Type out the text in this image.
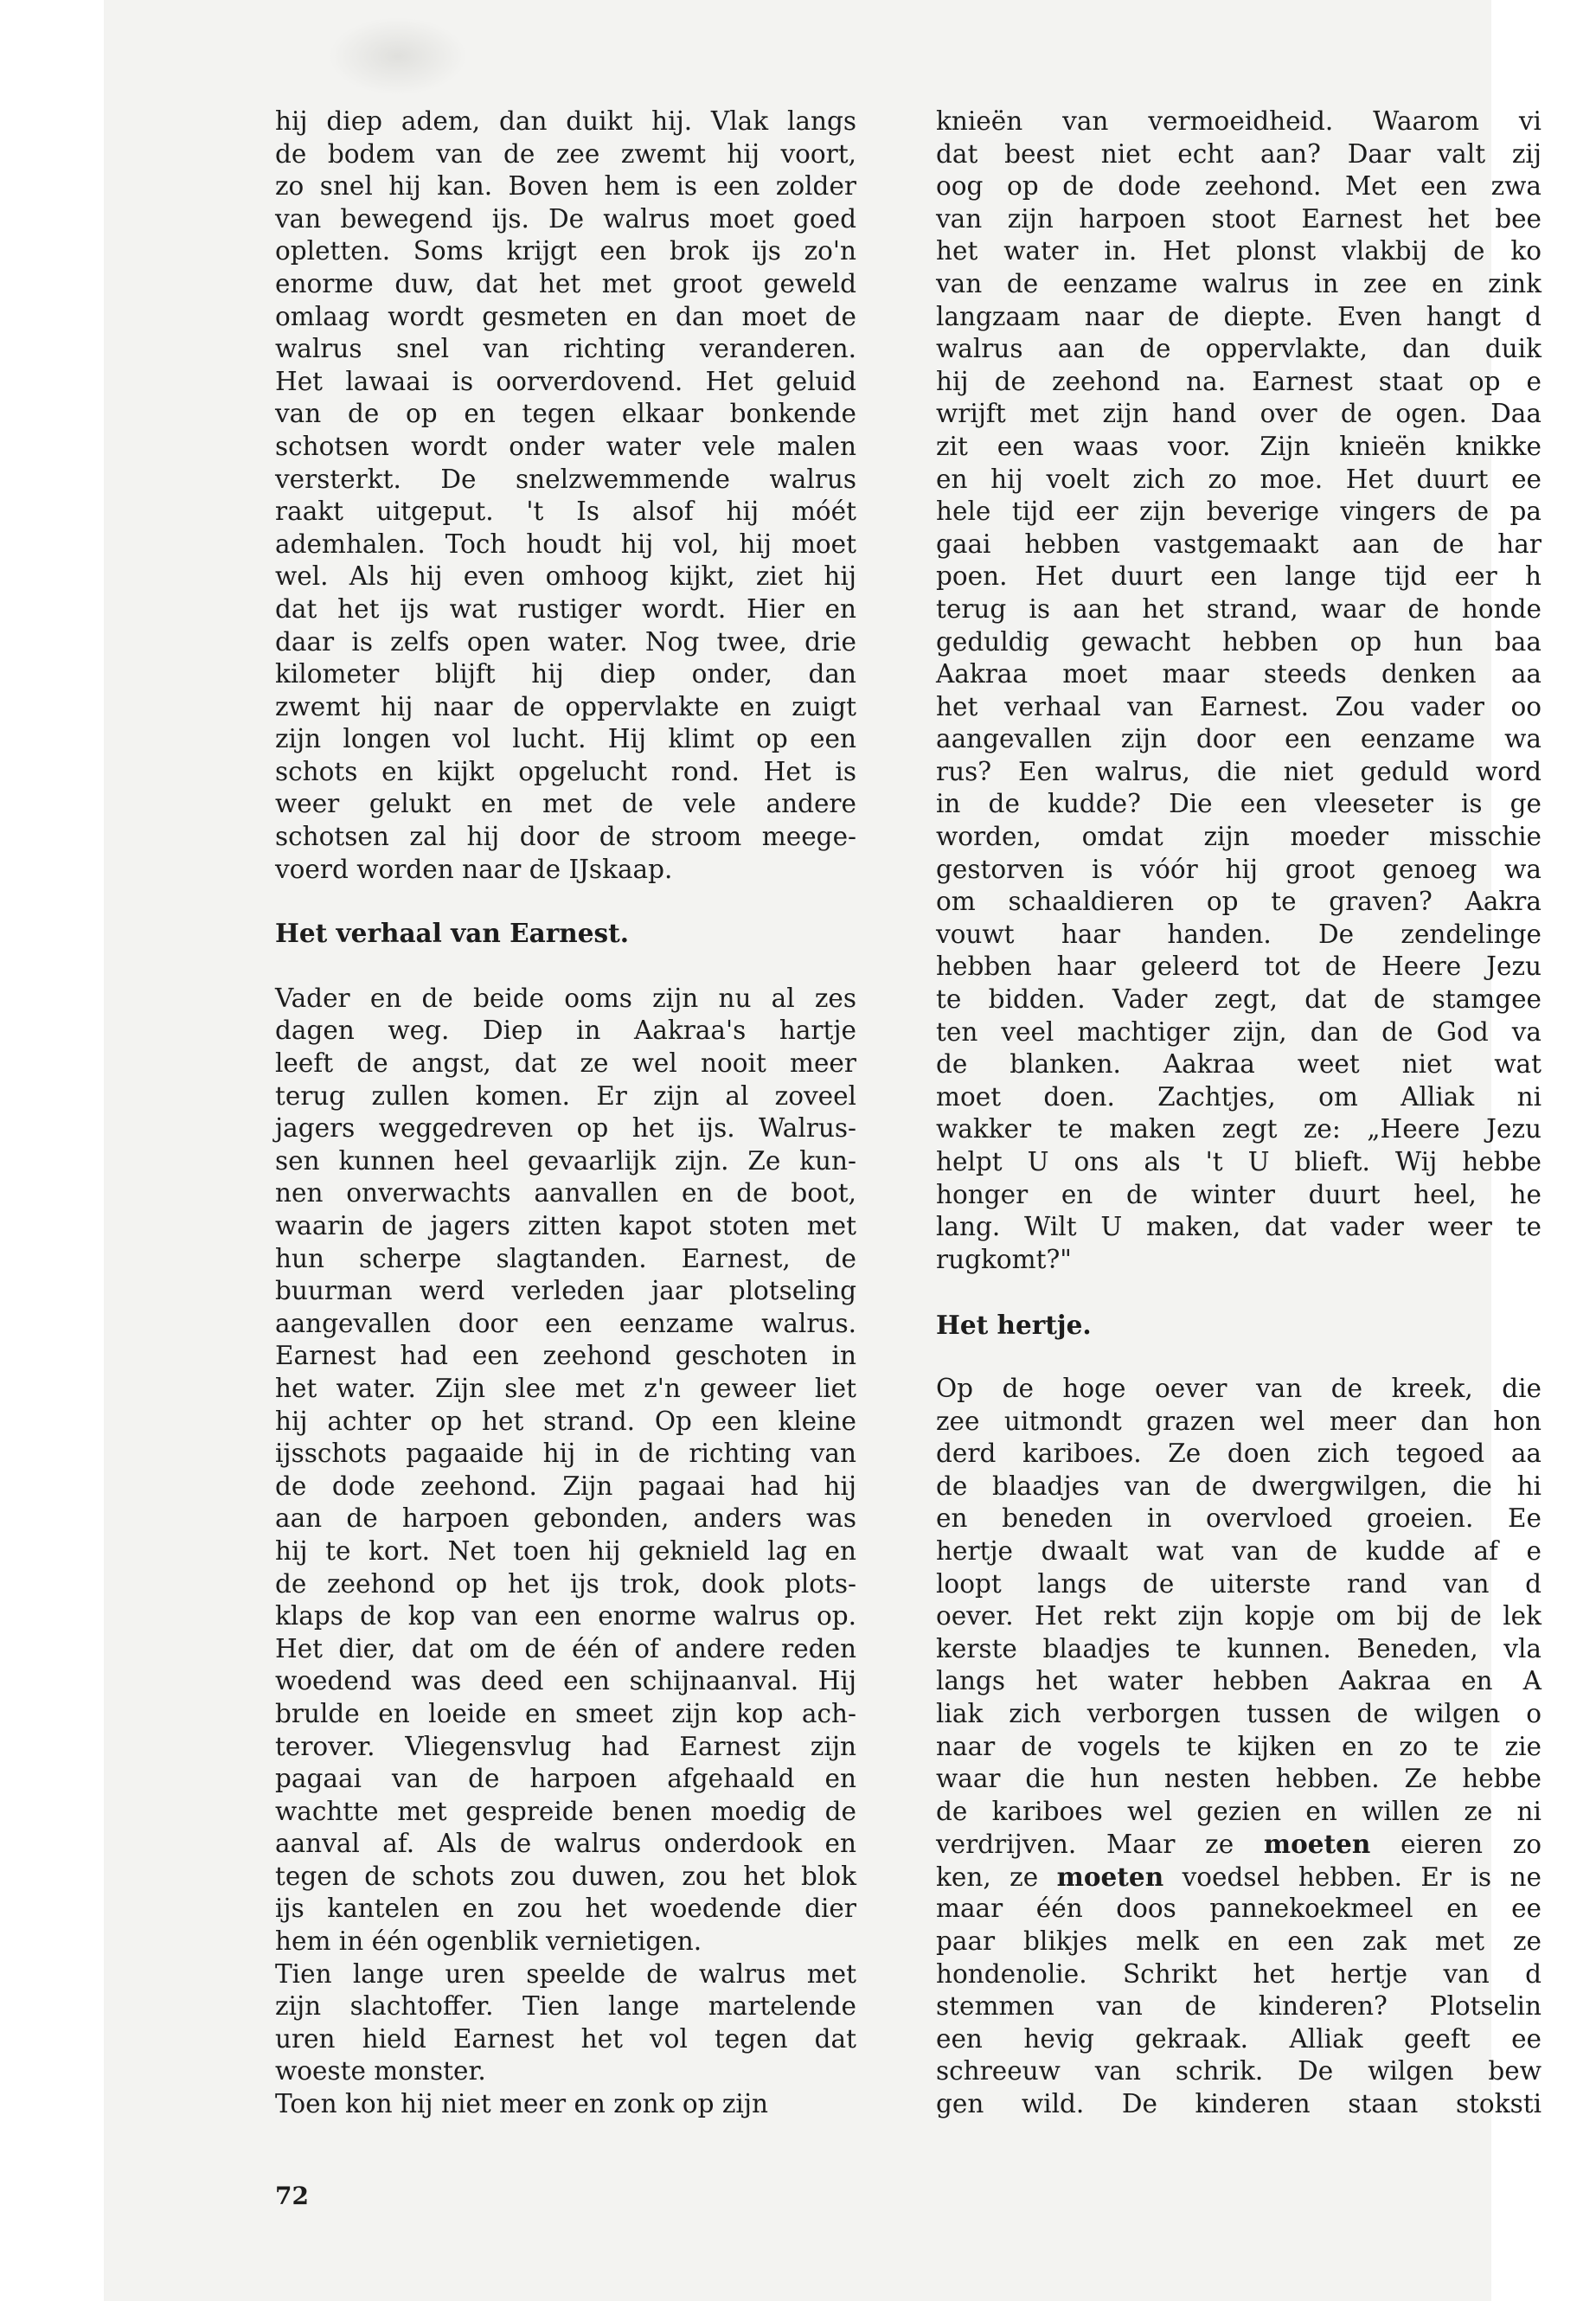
hij diep adem, dan duikt hij. Vlak langs
de bodem van de zee zwemt hij voort,
zo snel hij kan. Boven hem is een zolder
van bewegend ijs. De walrus moet goed
opletten. Soms krijgt een brok ijs zo'n
enorme duw, dat het met groot geweld
omlaag wordt gesmeten en dan moet de
walrus snel van richting veranderen.
Het lawaai is oorverdovend. Het geluid
van de op en tegen elkaar bonkende
schotsen wordt onder water vele malen
versterkt. De snelzwemmende walrus
raakt uitgeput. 't Is alsof hij móét
ademhalen. Toch houdt hij vol, hij moet
wel. Als hij even omhoog kijkt, ziet hij
dat het ijs wat rustiger wordt. Hier en
daar is zelfs open water. Nog twee, drie
kilometer blijft hij diep onder, dan
zwemt hij naar de oppervlakte en zuigt
zijn longen vol lucht. Hij klimt op een
schots en kijkt opgelucht rond. Het is
weer gelukt en met de vele andere
schotsen zal hij door de stroom meege-
voerd worden naar de IJskaap.
Het verhaal van Earnest.
Vader en de beide ooms zijn nu al zes
dagen weg. Diep in Aakraa's hartje
leeft de angst, dat ze wel nooit meer
terug zullen komen. Er zijn al zoveel
jagers weggedreven op het ijs. Walrus-
sen kunnen heel gevaarlijk zijn. Ze kun-
nen onverwachts aanvallen en de boot,
waarin de jagers zitten kapot stoten met
hun scherpe slagtanden. Earnest, de
buurman werd verleden jaar plotseling
aangevallen door een eenzame walrus.
Earnest had een zeehond geschoten in
het water. Zijn slee met z'n geweer liet
hij achter op het strand. Op een kleine
ijsschots pagaaide hij in de richting van
de dode zeehond. Zijn pagaai had hij
aan de harpoen gebonden, anders was
hij te kort. Net toen hij geknield lag en
de zeehond op het ijs trok, dook plots-
klaps de kop van een enorme walrus op.
Het dier, dat om de één of andere reden
woedend was deed een schijnaanval. Hij
brulde en loeide en smeet zijn kop ach-
terover. Vliegensvlug had Earnest zijn
pagaai van de harpoen afgehaald en
wachtte met gespreide benen moedig de
aanval af. Als de walrus onderdook en
tegen de schots zou duwen, zou het blok
ijs kantelen en zou het woedende dier
hem in één ogenblik vernietigen.
Tien lange uren speelde de walrus met
zijn slachtoffer. Tien lange martelende
uren hield Earnest het vol tegen dat
woeste monster.
Toen kon hij niet meer en zonk op zijn
knieën van vermoeidheid. Waarom vi
dat beest niet echt aan? Daar valt zij
oog op de dode zeehond. Met een zwa
van zijn harpoen stoot Earnest het bee
het water in. Het plonst vlakbij de ko
van de eenzame walrus in zee en zink
langzaam naar de diepte. Even hangt d
walrus aan de oppervlakte, dan duik
hij de zeehond na. Earnest staat op e
wrijft met zijn hand over de ogen. Daa
zit een waas voor. Zijn knieën knikke
en hij voelt zich zo moe. Het duurt ee
hele tijd eer zijn beverige vingers de pa
gaai hebben vastgemaakt aan de har
poen. Het duurt een lange tijd eer h
terug is aan het strand, waar de honde
geduldig gewacht hebben op hun baa
Aakraa moet maar steeds denken aa
het verhaal van Earnest. Zou vader oo
aangevallen zijn door een eenzame wa
rus? Een walrus, die niet geduld word
in de kudde? Die een vleeseter is ge
worden, omdat zijn moeder misschie
gestorven is vóór hij groot genoeg wa
om schaaldieren op te graven? Aakra
vouwt haar handen. De zendelinge
hebben haar geleerd tot de Heere Jezu
te bidden. Vader zegt, dat de stamgee
ten veel machtiger zijn, dan de God va
de blanken. Aakraa weet niet wat
moet doen. Zachtjes, om Alliak ni
wakker te maken zegt ze: „Heere Jezu
helpt U ons als 't U blieft. Wij hebbe
honger en de winter duurt heel, he
lang. Wilt U maken, dat vader weer te
rugkomt?"
Het hertje.
Op de hoge oever van de kreek, die
zee uitmondt grazen wel meer dan hon
derd kariboes. Ze doen zich tegoed aa
de blaadjes van de dwergwilgen, die hi
en beneden in overvloed groeien. Ee
hertje dwaalt wat van de kudde af e
loopt langs de uiterste rand van d
oever. Het rekt zijn kopje om bij de lek
kerste blaadjes te kunnen. Beneden, vla
langs het water hebben Aakraa en A
liak zich verborgen tussen de wilgen o
naar de vogels te kijken en zo te zie
waar die hun nesten hebben. Ze hebbe
de kariboes wel gezien en willen ze ni
verdrijven. Maar ze moeten eieren zo
ken, ze moeten voedsel hebben. Er is ne
maar één doos pannekoekmeel en ee
paar blikjes melk en een zak met ze
hondenolie. Schrikt het hertje van d
stemmen van de kinderen? Plotselin
een hevig gekraak. Alliak geeft ee
schreeuw van schrik. De wilgen bew
gen wild. De kinderen staan stoksti
72
